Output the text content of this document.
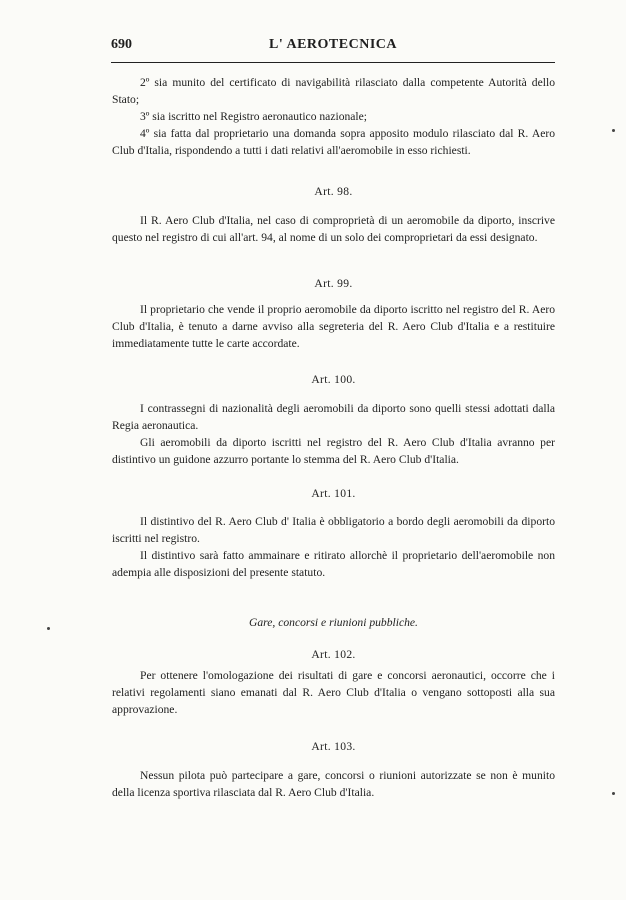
690	L' AEROTECNICA

2º sia munito del certificato di navigabilità rilasciato dalla competente Autorità dello Stato;

3º sia iscritto nel Registro aeronautico nazionale;

4º sia fatta dal proprietario una domanda sopra apposito modulo rilasciato dal R. Aero Club d'Italia, rispondendo a tutti i dati relativi all'aeromobile in esso richiesti.

Art. 98.

Il R. Aero Club d'Italia, nel caso di comproprietà di un aeromobile da diporto, inscrive questo nel registro di cui all'art. 94, al nome di un solo dei comproprietari da essi designato.

Art. 99.

Il proprietario che vende il proprio aeromobile da diporto iscritto nel registro del R. Aero Club d'Italia, è tenuto a darne avviso alla segreteria del R. Aero Club d'Italia e a restituire immediatamente tutte le carte accordate.

Art. 100.

I contrassegni di nazionalità degli aeromobili da diporto sono quelli stessi adottati dalla Regia aeronautica.

Gli aeromobili da diporto iscritti nel registro del R. Aero Club d'Italia avranno per distintivo un guidone azzurro portante lo stemma del R. Aero Club d'Italia.

Art. 101.

Il distintivo del R. Aero Club d' Italia è obbligatorio a bordo degli aeromobili da diporto iscritti nel registro.

Il distintivo sarà fatto ammainare e ritirato allorchè il proprietario dell'aeromobile non adempia alle disposizioni del presente statuto.

Gare, concorsi e riunioni pubbliche.
Art. 102.

Per ottenere l'omologazione dei risultati di gare e concorsi aeronautici, occorre che i relativi regolamenti siano emanati dal R. Aero Club d'Italia o vengano sottoposti alla sua approvazione.

Art. 103.

Nessun pilota può partecipare a gare, concorsi o riunioni autorizzate se non è munito della licenza sportiva rilasciata dal R. Aero Club d'Italia.
